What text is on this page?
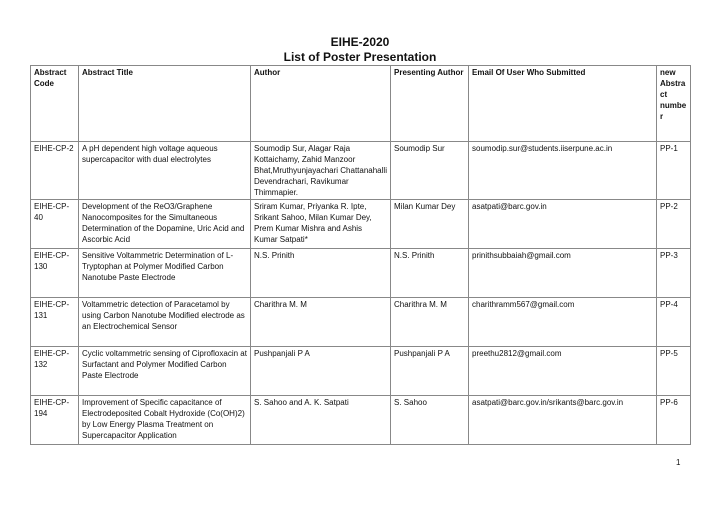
EIHE-2020
List of Poster Presentation
Abstract Code	Abstract Title	Author	Presenting Author	Email Of User Who Submitted	new Abstract number
EIHE-CP-2	A pH dependent high voltage aqueous supercapacitor with dual electrolytes	Soumodip Sur, Alagar Raja Kottaichamy, Zahid Manzoor Bhat,Mruthyunjayachari Chattanahalli Devendrachari, Ravikumar Thimmapier.	Soumodip Sur	soumodip.sur@students.iiserpune.ac.in	PP-1
EIHE-CP-40	Development of the ReO3/Graphene Nanocomposites for the Simultaneous Determination of the Dopamine, Uric Acid and Ascorbic Acid	Sriram Kumar, Priyanka R. Ipte, Srikant Sahoo, Milan Kumar Dey, Prem Kumar Mishra and Ashis Kumar Satpati*	Milan Kumar Dey	asatpati@barc.gov.in	PP-2
EIHE-CP-130	Sensitive Voltammetric Determination of L-Tryptophan at Polymer Modified Carbon Nanotube Paste Electrode	N.S. Prinith	N.S. Prinith	prinithsubbaiah@gmail.com	PP-3
EIHE-CP-131	Voltammetric detection of Paracetamol by using Carbon Nanotube Modified electrode as an Electrochemical Sensor	Charithra M. M	Charithra M. M	charithramm567@gmail.com	PP-4
EIHE-CP-132	Cyclic voltammetric sensing of Ciprofloxacin at Surfactant and Polymer Modified Carbon Paste Electrode	Pushpanjali P A	Pushpanjali P A	preethu2812@gmail.com	PP-5
EIHE-CP-194	Improvement of Specific capacitance of Electrodeposited Cobalt Hydroxide (Co(OH)2) by Low Energy Plasma Treatment on Supercapacitor Application	S. Sahoo and A. K. Satpati	S. Sahoo	asatpati@barc.gov.in/srikants@barc.gov.in	PP-6
1
